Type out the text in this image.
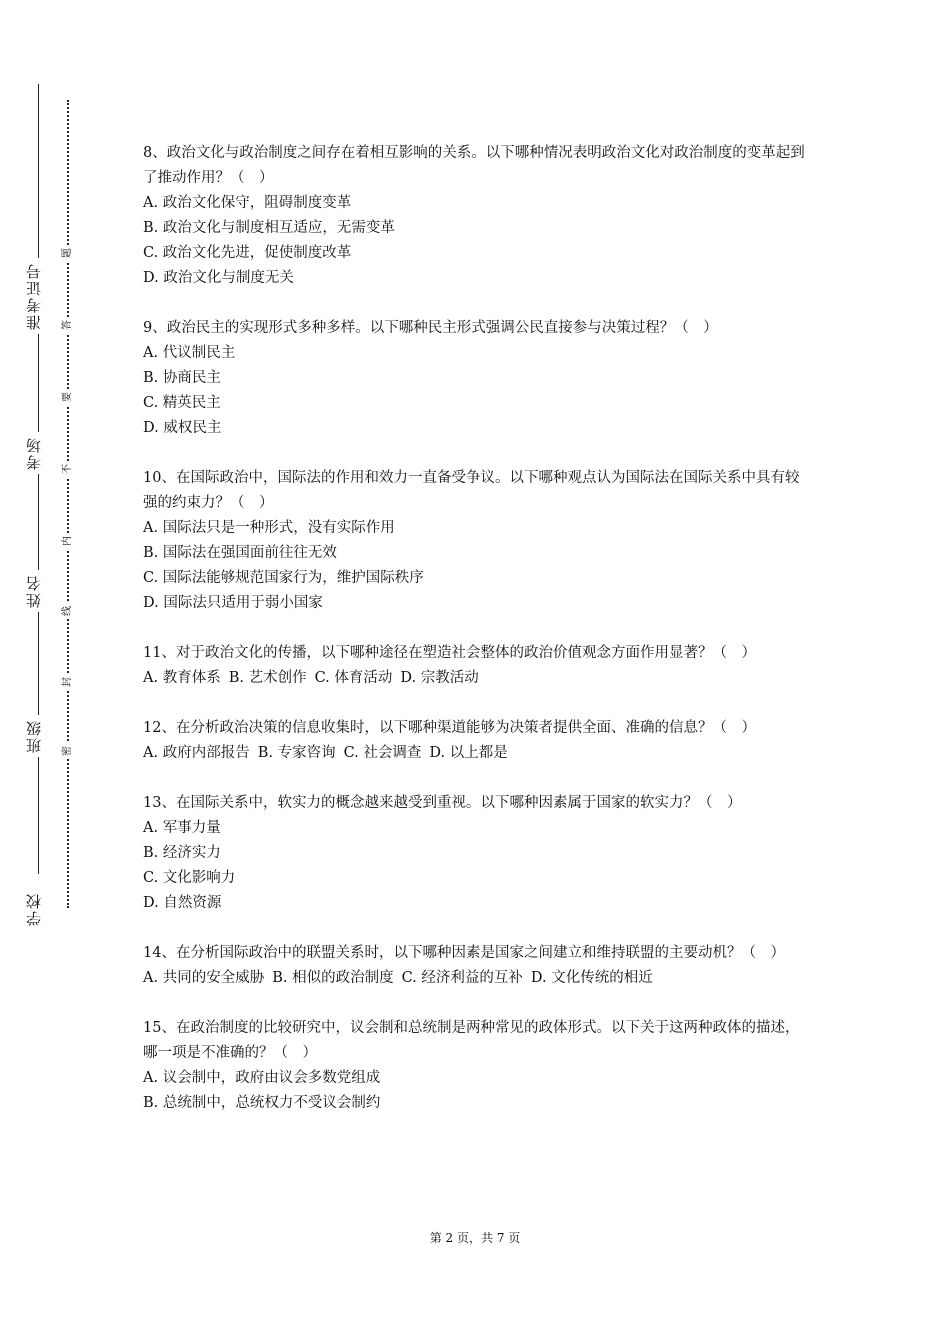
准考证号
考场
姓名
班级
学校
密
封
线
内
不
要
答
题
8、政治文化与政治制度之间存在着相互影响的关系。以下哪种情况表明政治文化对政治制度的变革起到了推动作用？（　）
A. 政治文化保守，阻碍制度变革
B. 政治文化与制度相互适应，无需变革
C. 政治文化先进，促使制度改革
D. 政治文化与制度无关
9、政治民主的实现形式多种多样。以下哪种民主形式强调公民直接参与决策过程？（　）
A. 代议制民主
B. 协商民主
C. 精英民主
D. 威权民主
10、在国际政治中，国际法的作用和效力一直备受争议。以下哪种观点认为国际法在国际关系中具有较强的约束力？（　）
A. 国际法只是一种形式，没有实际作用
B. 国际法在强国面前往往无效
C. 国际法能够规范国家行为，维护国际秩序
D. 国际法只适用于弱小国家
11、对于政治文化的传播，以下哪种途径在塑造社会整体的政治价值观念方面作用显著？（　）
A. 教育体系 B. 艺术创作 C. 体育活动 D. 宗教活动
12、在分析政治决策的信息收集时，以下哪种渠道能够为决策者提供全面、准确的信息？（　）
A. 政府内部报告 B. 专家咨询 C. 社会调查 D. 以上都是
13、在国际关系中，软实力的概念越来越受到重视。以下哪种因素属于国家的软实力？（　）
A. 军事力量
B. 经济实力
C. 文化影响力
D. 自然资源
14、在分析国际政治中的联盟关系时，以下哪种因素是国家之间建立和维持联盟的主要动机？（　）
A. 共同的安全威胁 B. 相似的政治制度 C. 经济利益的互补 D. 文化传统的相近
15、在政治制度的比较研究中，议会制和总统制是两种常见的政体形式。以下关于这两种政体的描述，哪一项是不准确的？（　）
A. 议会制中，政府由议会多数党组成
B. 总统制中，总统权力不受议会制约
第 2 页，共 7 页
